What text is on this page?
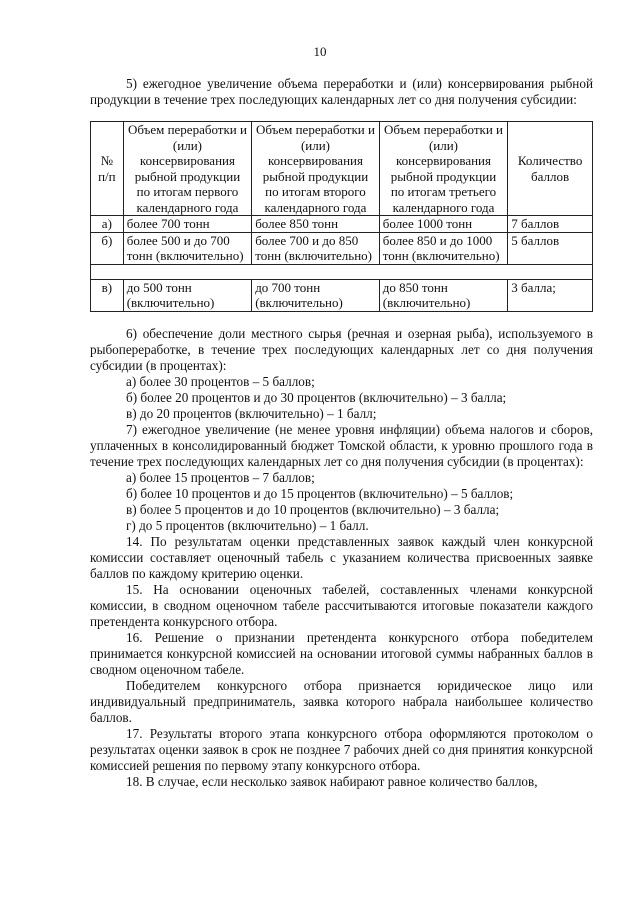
10

5) ежегодное увеличение объема переработки и (или) консервирования рыбной продукции в течение трех последующих календарных лет со дня получения субсидии:

№ п/п	Объем переработки и (или) консервирования рыбной продукции по итогам первого календарного года	Объем переработки и (или) консервирования рыбной продукции по итогам второго календарного года	Объем переработки и (или) консервирования рыбной продукции по итогам третьего календарного года	Количество баллов
а)	более 700 тонн	более 850 тонн	более 1000 тонн	7 баллов
б)	более 500 и до 700 тонн (включительно)	более 700 и до 850 тонн (включительно)	более 850 и до 1000 тонн (включительно)	5 баллов

в)	до 500 тонн (включительно)	до 700 тонн (включительно)	до 850 тонн (включительно)	3 балла;

6) обеспечение доли местного сырья (речная и озерная рыба), используемого в рыбопереработке, в течение трех последующих календарных лет со дня получения субсидии (в процентах):

а) более 30 процентов – 5 баллов;

б) более 20 процентов и до 30 процентов (включительно) – 3 балла;

в) до 20 процентов (включительно) – 1 балл;

7) ежегодное увеличение (не менее уровня инфляции) объема налогов и сборов, уплаченных в консолидированный бюджет Томской области, к уровню прошлого года в течение трех последующих календарных лет со дня получения субсидии (в процентах):

а) более 15 процентов – 7 баллов;

б) более 10 процентов и до 15 процентов (включительно) – 5 баллов;

в) более 5 процентов и до 10 процентов (включительно) – 3 балла;

г) до 5 процентов (включительно) – 1 балл.

14. По результатам оценки представленных заявок каждый член конкурсной комиссии составляет оценочный табель с указанием количества присвоенных заявке баллов по каждому критерию оценки.

15. На основании оценочных табелей, составленных членами конкурсной комиссии, в сводном оценочном табеле рассчитываются итоговые показатели каждого претендента конкурсного отбора.

16. Решение о признании претендента конкурсного отбора победителем принимается конкурсной комиссией на основании итоговой суммы набранных баллов в сводном оценочном табеле.

Победителем конкурсного отбора признается юридическое лицо или индивидуальный предприниматель, заявка которого набрала наибольшее количество баллов.

17. Результаты второго этапа конкурсного отбора оформляются протоколом о результатах оценки заявок в срок не позднее 7 рабочих дней со дня принятия конкурсной комиссией решения по первому этапу конкурсного отбора.

18. В случае, если несколько заявок набирают равное количество баллов,
